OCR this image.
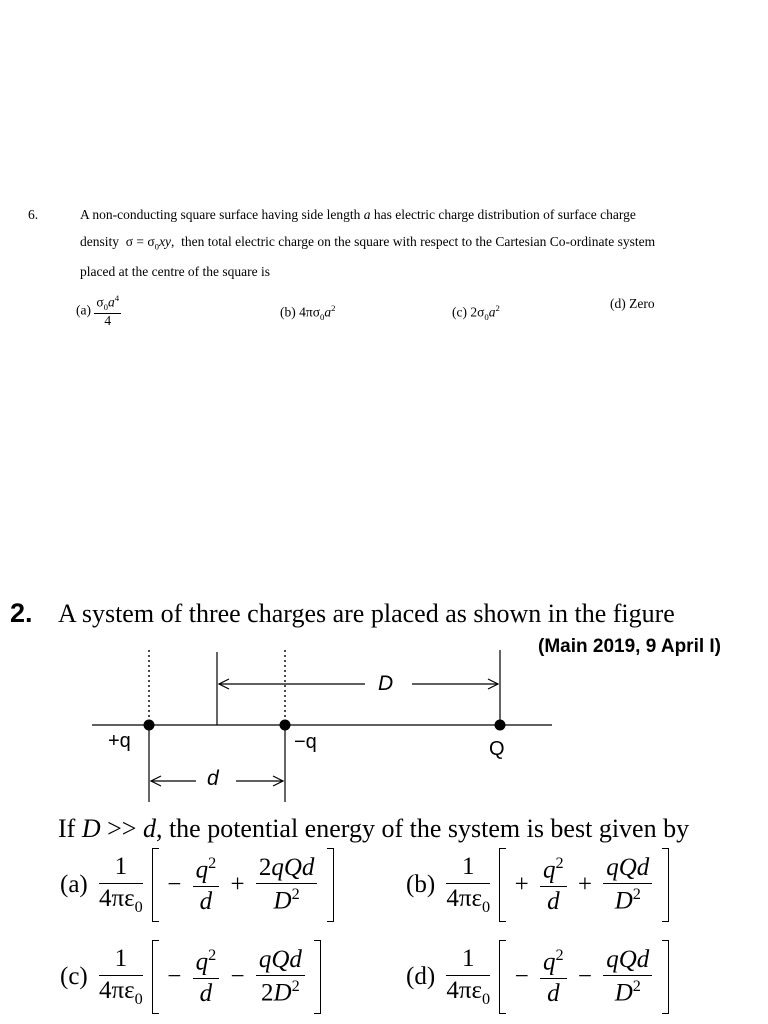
6.	A non-conducting square surface having side length a has electric charge distribution of surface charge
density  $\sigma = \sigma_0xy$,  then total electric charge on the square with respect to the Cartesian Co-ordinate system
placed at the centre of the square is
$(a) \frac{\sigma_0a^4}{4}$	(b) $4\pi\sigma_0a^2$	(c) $2\sigma_0a^2$	(d) Zero
2. A system of three charges are placed as shown in the figure
(Main 2019, 9 April I)
+q	−q	Q
D
d
If D >> d, the potential energy of the system is best given by
$(a) \frac{1}{4\pi\varepsilon_0} - \frac{q^2}{d} + \frac{\text{2qQd}}{D^2}$
	$(b) \frac{1}{4\pi\varepsilon_0} + \frac{q^2}{d} + \frac{\text{qQd}}{D^2}$

$(c) \frac{1}{4\pi\varepsilon_0} - \frac{q^2}{d} - \frac{\text{qQd}}{2D^2}$
	$(d) \frac{1}{4\pi\varepsilon_0} - \frac{q^2}{d} - \frac{\text{qQd}}{D^2}$
